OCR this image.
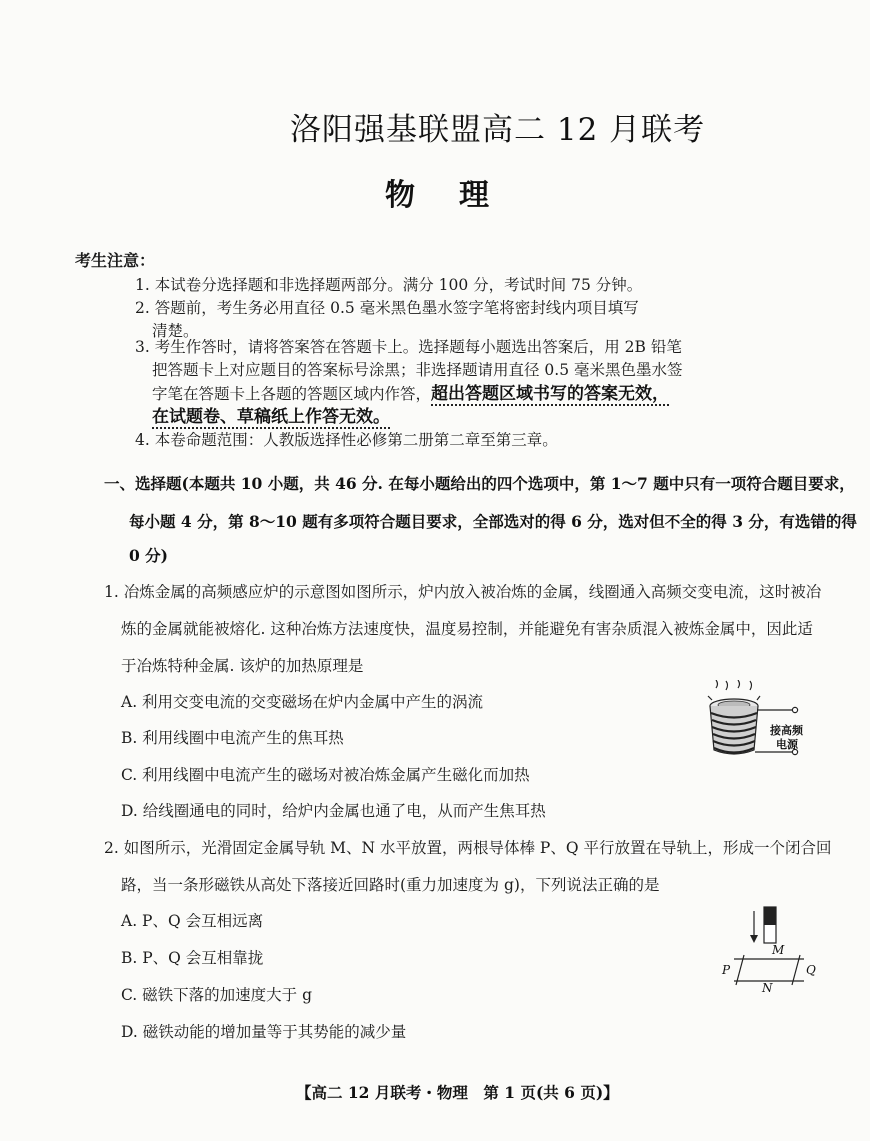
洛阳强基联盟高二 12 月联考
物理
考生注意：
1. 本试卷分选择题和非选择题两部分。满分 100 分，考试时间 75 分钟。
2. 答题前，考生务必用直径 0.5 毫米黑色墨水签字笔将密封线内项目填写
清楚。
3. 考生作答时，请将答案答在答题卡上。选择题每小题选出答案后，用 2B 铅笔
把答题卡上对应题目的答案标号涂黑；非选择题请用直径 0.5 毫米黑色墨水签
字笔在答题卡上各题的答题区域内作答，超出答题区域书写的答案无效，
在试题卷、草稿纸上作答无效。
4. 本卷命题范围：人教版选择性必修第二册第二章至第三章。
一、选择题(本题共 10 小题，共 46 分. 在每小题给出的四个选项中，第 1～7 题中只有一项符合题目要求，
每小题 4 分，第 8～10 题有多项符合题目要求，全部选对的得 6 分，选对但不全的得 3 分，有选错的得
0 分)
1. 冶炼金属的高频感应炉的示意图如图所示，炉内放入被冶炼的金属，线圈通入高频交变电流，这时被冶
炼的金属就能被熔化. 这种冶炼方法速度快，温度易控制，并能避免有害杂质混入被炼金属中，因此适
于冶炼特种金属. 该炉的加热原理是
A. 利用交变电流的交变磁场在炉内金属中产生的涡流
B. 利用线圈中电流产生的焦耳热
C. 利用线圈中电流产生的磁场对被冶炼金属产生磁化而加热
D. 给线圈通电的同时，给炉内金属也通了电，从而产生焦耳热
接高频
电源
2. 如图所示，光滑固定金属导轨 M、N 水平放置，两根导体棒 P、Q 平行放置在导轨上，形成一个闭合回
路，当一条形磁铁从高处下落接近回路时(重力加速度为 g)，下列说法正确的是
A. P、Q 会互相远离
B. P、Q 会互相靠拢
C. 磁铁下落的加速度大于 g
D. 磁铁动能的增加量等于其势能的减少量
M
N
P	Q
【高二 12 月联考・物理　第 1 页(共 6 页)】
